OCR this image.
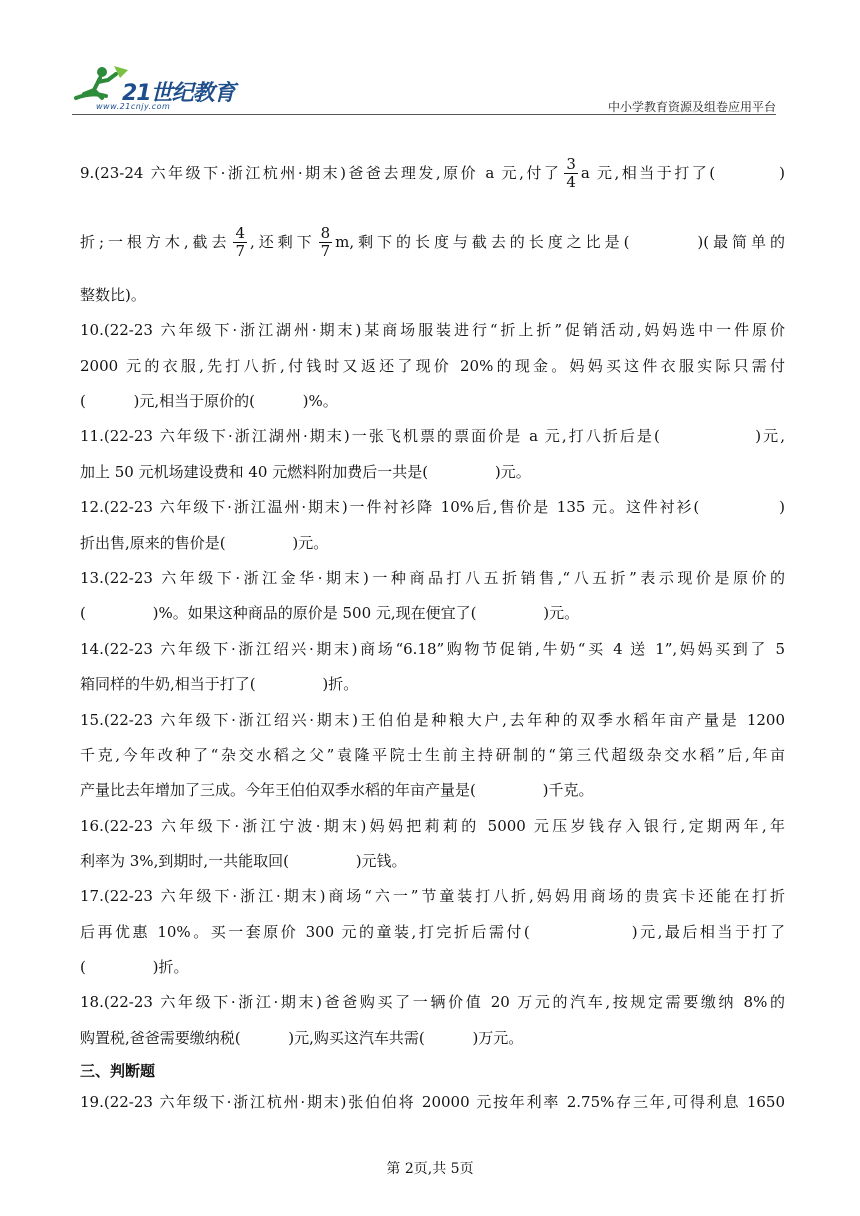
21世纪教育
www.21cnjy.com	中小学教育资源及组卷应用平台
9.(23-24 六年级下·浙江杭州·期末)爸爸去理发,原价 a 元,付了 $\frac{3}{4}$ a 元,相当于打了(	)
折;一根方木,截去 $\frac{4}{7}$ ,还剩下 $\frac{8}{7} m$,剩下的长度与截去的长度之比是(	)(最简单的
整数比)。
10.(22-23 六年级下·浙江湖州·期末)某商场服装进行“折上折”促销活动,妈妈选中一件原价
2000 元的衣服,先打八折,付钱时又返还了现价 20%的现金。妈妈买这件衣服实际只需付
(          )元,相当于原价的(          )%。
11.(22-23 六年级下·浙江湖州·期末)一张飞机票的票面价是 a 元,打八折后是(              )元,
加上 50 元机场建设费和 40 元燃料附加费后一共是(              )元。
12.(22-23 六年级下·浙江温州·期末)一件衬衫降 10%后,售价是 135 元。这件衬衫(            )
折出售,原来的售价是(              )元。
13.(22-23 六年级下·浙江金华·期末)一种商品打八五折销售,“八五折”表示现价是原价的
(              )%。如果这种商品的原价是 500 元,现在便宜了(              )元。
14.(22-23 六年级下·浙江绍兴·期末)商场“6.18”购物节促销,牛奶“买 4 送 1”,妈妈买到了 5
箱同样的牛奶,相当于打了(              )折。
15.(22-23 六年级下·浙江绍兴·期末)王伯伯是种粮大户,去年种的双季水稻年亩产量是 1200
千克,今年改种了“杂交水稻之父”袁隆平院士生前主持研制的“第三代超级杂交水稻”后,年亩
产量比去年增加了三成。今年王伯伯双季水稻的年亩产量是(              )千克。
16.(22-23 六年级下·浙江宁波·期末)妈妈把莉莉的 5000 元压岁钱存入银行,定期两年,年
利率为 3%,到期时,一共能取回(              )元钱。
17.(22-23 六年级下·浙江·期末)商场“六一”节童装打八折,妈妈用商场的贵宾卡还能在打折
后再优惠 10%。买一套原价 300 元的童装,打完折后需付(              )元,最后相当于打了
(              )折。
18.(22-23 六年级下·浙江·期末)爸爸购买了一辆价值 20 万元的汽车,按规定需要缴纳 8%的
购置税,爸爸需要缴纳税(          )元,购买这汽车共需(          )万元。
三、判断题
19.(22-23 六年级下·浙江杭州·期末)张伯伯将 20000 元按年利率 2.75%存三年,可得利息 1650
第 2页,共 5页
